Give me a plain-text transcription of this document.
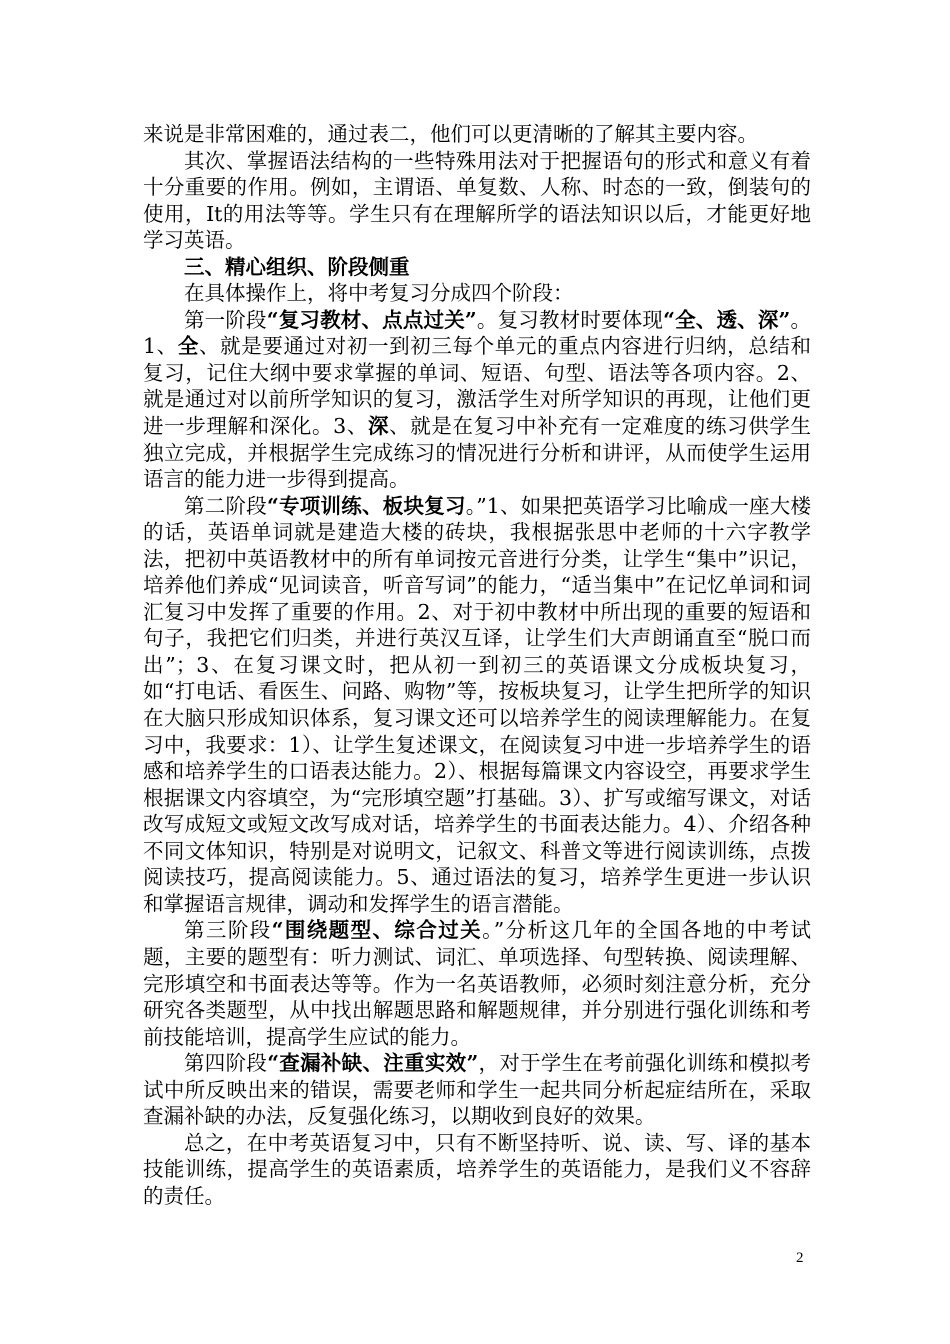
来说是非常困难的，通过表二，他们可以更清晰的了解其主要内容。

其次、掌握语法结构的一些特殊用法对于把握语句的形式和意义有着十分重要的作用。例如，主谓语、单复数、人称、时态的一致，倒装句的使用，It的用法等等。学生只有在理解所学的语法知识以后，才能更好地学习英语。

三、精心组织、阶段侧重

在具体操作上，将中考复习分成四个阶段：

第一阶段“复习教材、点点过关”。复习教材时要体现“全、透、深”。1、全、就是要通过对初一到初三每个单元的重点内容进行归纳，总结和复习，记住大纲中要求掌握的单词、短语、句型、语法等各项内容。2、就是通过对以前所学知识的复习，激活学生对所学知识的再现，让他们更进一步理解和深化。3、深、就是在复习中补充有一定难度的练习供学生独立完成，并根据学生完成练习的情况进行分析和讲评，从而使学生运用语言的能力进一步得到提高。

第二阶段“专项训练、板块复习。”1、如果把英语学习比喻成一座大楼的话，英语单词就是建造大楼的砖块，我根据张思中老师的十六字教学法，把初中英语教材中的所有单词按元音进行分类，让学生“集中”识记，培养他们养成“见词读音，听音写词”的能力，“适当集中”在记忆单词和词汇复习中发挥了重要的作用。2、对于初中教材中所出现的重要的短语和句子，我把它们归类，并进行英汉互译，让学生们大声朗诵直至“脱口而出”；3、在复习课文时，把从初一到初三的英语课文分成板块复习，如“打电话、看医生、问路、购物”等，按板块复习，让学生把所学的知识在大脑只形成知识体系，复习课文还可以培养学生的阅读理解能力。在复习中，我要求：1）、让学生复述课文，在阅读复习中进一步培养学生的语感和培养学生的口语表达能力。2）、根据每篇课文内容设空，再要求学生根据课文内容填空，为“完形填空题”打基础。3）、扩写或缩写课文，对话改写成短文或短文改写成对话，培养学生的书面表达能力。4）、介绍各种不同文体知识，特别是对说明文，记叙文、科普文等进行阅读训练，点拨阅读技巧，提高阅读能力。5、通过语法的复习，培养学生更进一步认识和掌握语言规律，调动和发挥学生的语言潜能。

第三阶段“围绕题型、综合过关。”分析这几年的全国各地的中考试题，主要的题型有：听力测试、词汇、单项选择、句型转换、阅读理解、完形填空和书面表达等等。作为一名英语教师，必须时刻注意分析，充分研究各类题型，从中找出解题思路和解题规律，并分别进行强化训练和考前技能培训，提高学生应试的能力。

第四阶段“查漏补缺、注重实效”，对于学生在考前强化训练和模拟考试中所反映出来的错误，需要老师和学生一起共同分析起症结所在，采取查漏补缺的办法，反复强化练习，以期收到良好的效果。

总之，在中考英语复习中，只有不断坚持听、说、读、写、译的基本技能训练，提高学生的英语素质，培养学生的英语能力，是我们义不容辞的责任。

2
